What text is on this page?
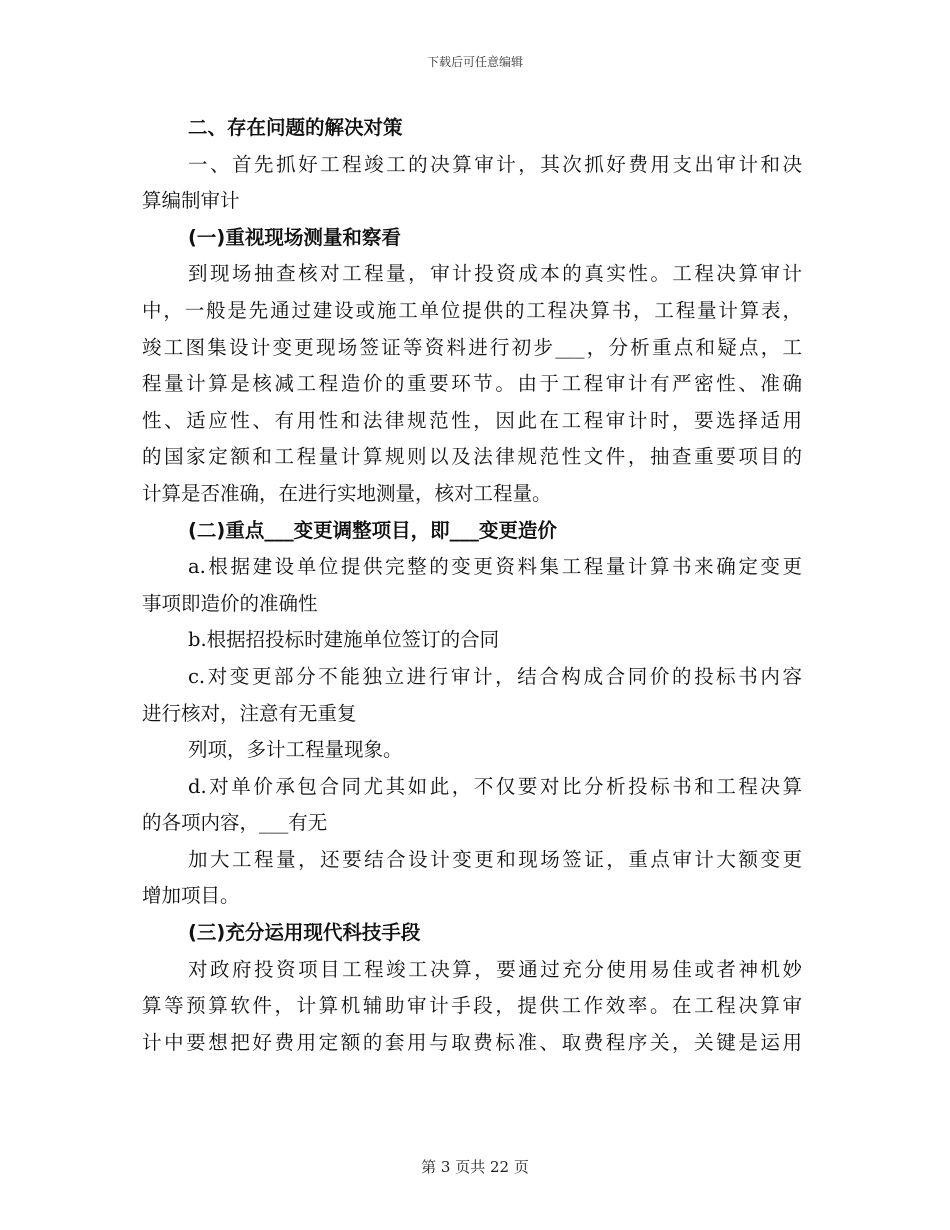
下载后可任意编辑
二、存在问题的解决对策
一、首先抓好工程竣工的决算审计，其次抓好费用支出审计和决
算编制审计
(一)重视现场测量和察看
到现场抽查核对工程量，审计投资成本的真实性。工程决算审计
中，一般是先通过建设或施工单位提供的工程决算书，工程量计算表，
竣工图集设计变更现场签证等资料进行初步___，分析重点和疑点，工
程量计算是核减工程造价的重要环节。由于工程审计有严密性、准确
性、适应性、有用性和法律规范性，因此在工程审计时，要选择适用
的国家定额和工程量计算规则以及法律规范性文件，抽查重要项目的
计算是否准确，在进行实地测量，核对工程量。
(二)重点___变更调整项目，即___变更造价
a.根据建设单位提供完整的变更资料集工程量计算书来确定变更
事项即造价的准确性
b.根据招投标时建施单位签订的合同
c.对变更部分不能独立进行审计，结合构成合同价的投标书内容
进行核对，注意有无重复
列项，多计工程量现象。
d.对单价承包合同尤其如此，不仅要对比分析投标书和工程决算
的各项内容，___有无
加大工程量，还要结合设计变更和现场签证，重点审计大额变更
增加项目。
(三)充分运用现代科技手段
对政府投资项目工程竣工决算，要通过充分使用易佳或者神机妙
算等预算软件，计算机辅助审计手段，提供工作效率。在工程决算审
计中要想把好费用定额的套用与取费标准、取费程序关，关键是运用
第 3 页共 22 页
